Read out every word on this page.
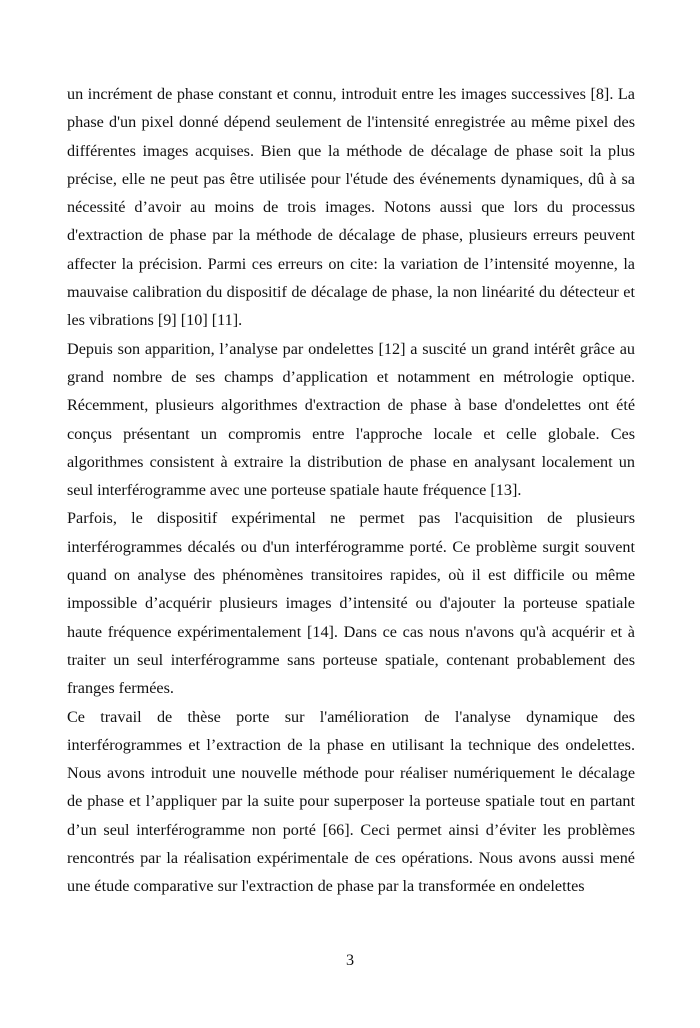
un incrément de phase constant et connu, introduit entre les images successives [8]. La phase d'un pixel donné dépend seulement de l'intensité enregistrée au même pixel des différentes images acquises. Bien que la méthode de décalage de phase soit la plus précise, elle ne peut pas être utilisée pour l'étude des événements dynamiques, dû à sa nécessité d’avoir au moins de trois images. Notons aussi que lors du processus d'extraction de phase par la méthode de décalage de phase, plusieurs erreurs peuvent affecter la précision. Parmi ces erreurs on cite: la variation de l’intensité moyenne, la mauvaise calibration du dispositif de décalage de phase, la non linéarité du détecteur et les vibrations [9] [10] [11].

Depuis son apparition, l’analyse par ondelettes [12] a suscité un grand intérêt grâce au grand nombre de ses champs d’application et notamment en métrologie optique. Récemment, plusieurs algorithmes d'extraction de phase à base d'ondelettes ont été conçus présentant un compromis entre l'approche locale et celle globale. Ces algorithmes consistent à extraire la distribution de phase en analysant localement un seul interférogramme avec une porteuse spatiale haute fréquence [13].

Parfois, le dispositif expérimental ne permet pas l'acquisition de plusieurs interférogrammes décalés ou d'un interférogramme porté. Ce problème surgit souvent quand on analyse des phénomènes transitoires rapides, où il est difficile ou même impossible d’acquérir plusieurs images d’intensité ou d'ajouter la porteuse spatiale haute fréquence expérimentalement [14]. Dans ce cas nous n'avons qu'à acquérir et à traiter un seul interférogramme sans porteuse spatiale, contenant probablement des franges fermées.

Ce travail de thèse porte sur l'amélioration de l'analyse dynamique des interférogrammes et l’extraction de la phase en utilisant la technique des ondelettes. Nous avons introduit une nouvelle méthode pour réaliser numériquement le décalage de phase et l’appliquer par la suite pour superposer la porteuse spatiale tout en partant d’un seul interférogramme non porté [66]. Ceci permet ainsi d’éviter les problèmes rencontrés par la réalisation expérimentale de ces opérations. Nous avons aussi mené une étude comparative sur l'extraction de phase par la transformée en ondelettes

3
